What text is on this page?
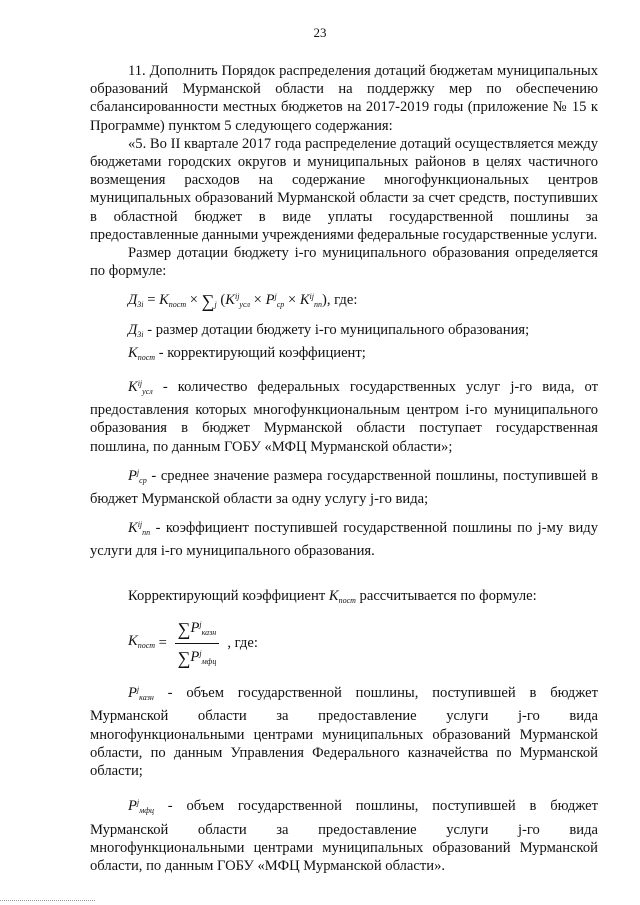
23

11. Дополнить Порядок распределения дотаций бюджетам муниципальных образований Мурманской области на поддержку мер по обеспечению сбалансированности местных бюджетов на 2017-2019 годы (приложение № 15 к Программе) пунктом 5 следующего содержания:

«5. Во II квартале 2017 года распределение дотаций осуществляется между бюджетами городских округов и муниципальных районов в целях частичного возмещения расходов на содержание многофункциональных центров муниципальных образований Мурманской области за счет средств, поступивших в областной бюджет в виде уплаты государственной пошлины за предоставленные данными учреждениями федеральные государственные услуги.

Размер дотации бюджету i-го муниципального образования определяется по формуле:

$Д_{3i} = К_{пост} \times \sum_j$ $(К^{ij}_{усл} \times P^j_{ср} \times К^{ij}_{пп})$, где:

$Д_{3i}$ - размер дотации бюджету i-го муниципального образования;

$К_{пост}$ - корректирующий коэффициент;

$К^{ij}_{усл}$ - количество федеральных государственных услуг j-го вида, от предоставления которых многофункциональным центром i-го муниципального образования в бюджет Мурманской области поступает государственная пошлина, по данным ГОБУ «МФЦ Мурманской области»;

$P^j_{ср}$ - среднее значение размера государственной пошлины, поступившей в бюджет Мурманской области за одну услугу j-го вида;

$К^{ij}_{пп}$ - коэффициент поступившей государственной пошлины по j-му виду услуги для i-го муниципального образования.

Корректирующий коэффициент $К_{пост}$ рассчитывается по формуле:

$К_{пост} = \frac{\sum P^j_{казн}}{\sum P^j_{мфц}}$ , где:

$P^j_{казн}$ - объем государственной пошлины, поступившей в бюджет Мурманской области за предоставление услуги j-го вида многофункциональными центрами муниципальных образований Мурманской области, по данным Управления Федерального казначейства по Мурманской области;

$P^j_{мфц}$ - объем государственной пошлины, поступившей в бюджет Мурманской области за предоставление услуги j-го вида многофункциональными центрами муниципальных образований Мурманской области, по данным ГОБУ «МФЦ Мурманской области».
